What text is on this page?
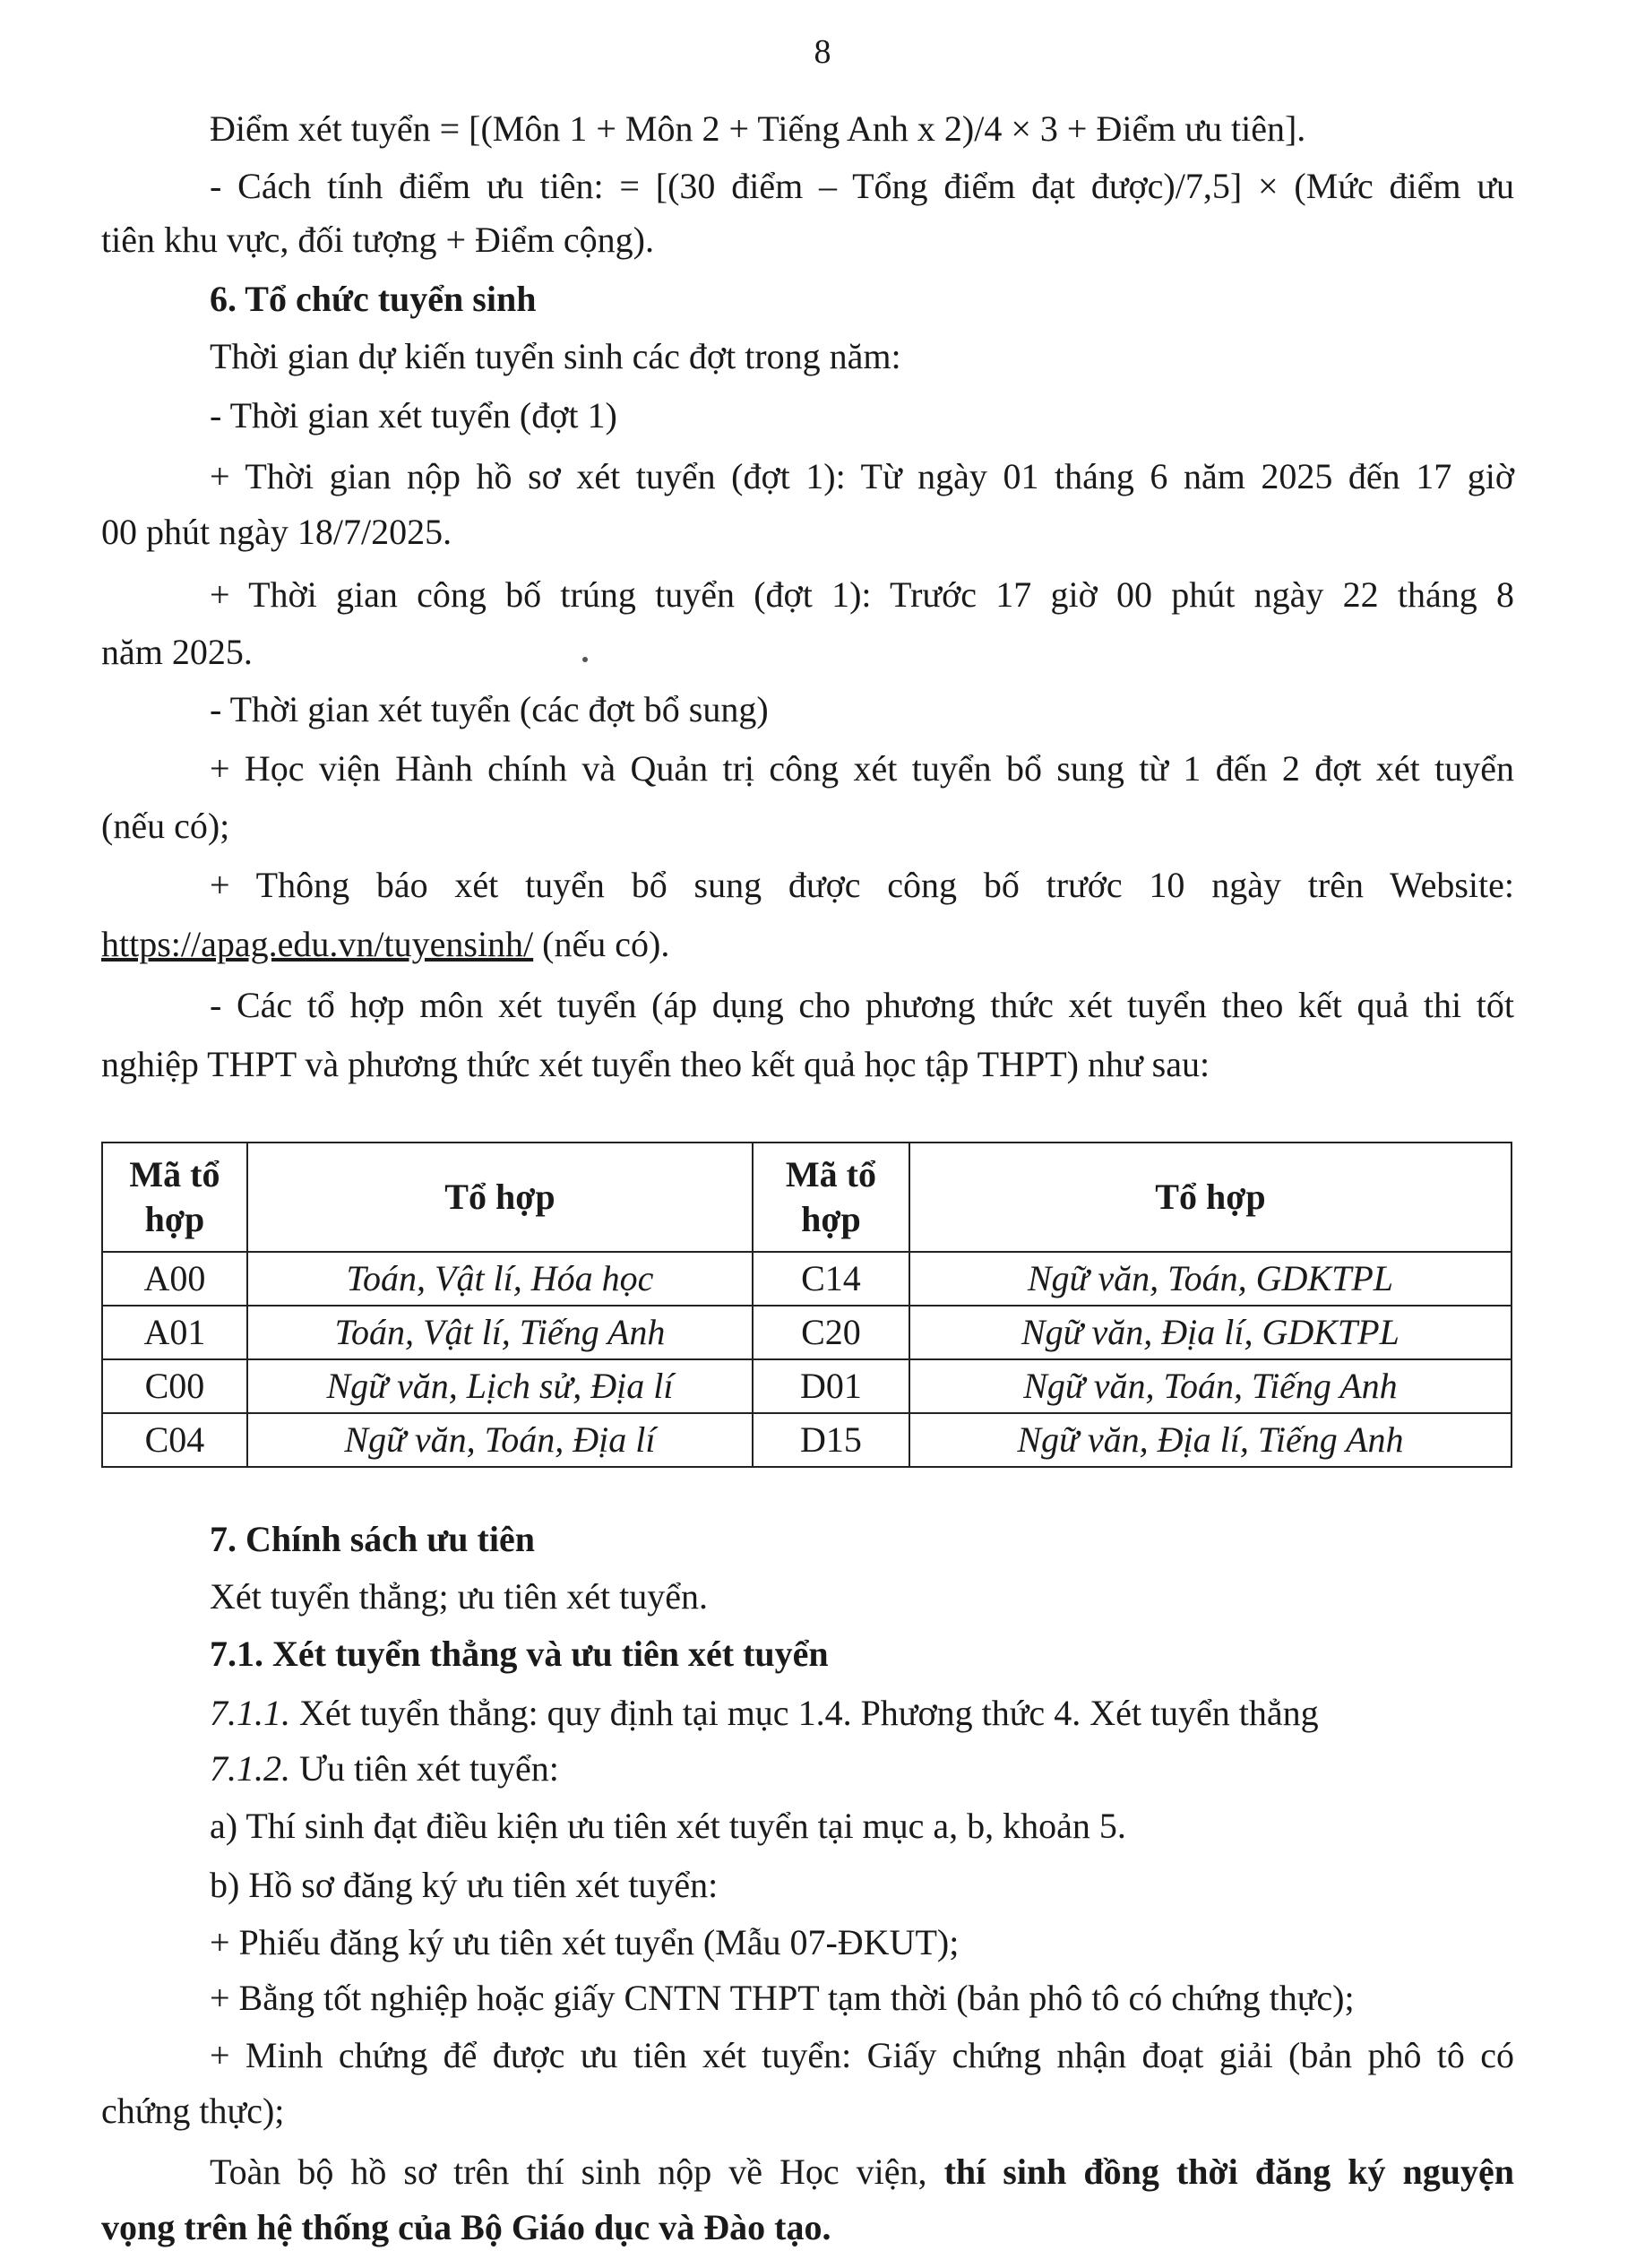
8
Điểm xét tuyển = [(Môn 1 + Môn 2 + Tiếng Anh x 2)/4 × 3 + Điểm ưu tiên].
- Cách tính điểm ưu tiên: = [(30 điểm – Tổng điểm đạt được)/7,5] × (Mức điểm ưu
tiên khu vực, đối tượng + Điểm cộng).
6. Tổ chức tuyển sinh
Thời gian dự kiến tuyển sinh các đợt trong năm:
- Thời gian xét tuyển (đợt 1)
+ Thời gian nộp hồ sơ xét tuyển (đợt 1): Từ ngày 01 tháng 6 năm 2025 đến 17 giờ
00 phút ngày 18/7/2025.
+ Thời gian công bố trúng tuyển (đợt 1): Trước 17 giờ 00 phút ngày 22 tháng 8
năm 2025.
- Thời gian xét tuyển (các đợt bổ sung)
+ Học viện Hành chính và Quản trị công xét tuyển bổ sung từ 1 đến 2 đợt xét tuyển
(nếu có);
+ Thông báo xét tuyển bổ sung được công bố trước 10 ngày trên Website:
https://apag.edu.vn/tuyensinh/ (nếu có).
- Các tổ hợp môn xét tuyển (áp dụng cho phương thức xét tuyển theo kết quả thi tốt
nghiệp THPT và phương thức xét tuyển theo kết quả học tập THPT) như sau:
Mã tổ hợp	Tổ hợp	Mã tổ hợp	Tổ hợp
A00	Toán, Vật lí, Hóa học	C14	Ngữ văn, Toán, GDKTPL
A01	Toán, Vật lí, Tiếng Anh	C20	Ngữ văn, Địa lí, GDKTPL
C00	Ngữ văn, Lịch sử, Địa lí	D01	Ngữ văn, Toán, Tiếng Anh
C04	Ngữ văn, Toán, Địa lí	D15	Ngữ văn, Địa lí, Tiếng Anh
7. Chính sách ưu tiên
Xét tuyển thẳng; ưu tiên xét tuyển.
7.1. Xét tuyển thẳng và ưu tiên xét tuyển
7.1.1. Xét tuyển thẳng: quy định tại mục 1.4. Phương thức 4. Xét tuyển thẳng
7.1.2. Ưu tiên xét tuyển:
a) Thí sinh đạt điều kiện ưu tiên xét tuyển tại mục a, b, khoản 5.
b) Hồ sơ đăng ký ưu tiên xét tuyển:
+ Phiếu đăng ký ưu tiên xét tuyển (Mẫu 07-ĐKUT);
+ Bằng tốt nghiệp hoặc giấy CNTN THPT tạm thời (bản phô tô có chứng thực);
+ Minh chứng để được ưu tiên xét tuyển: Giấy chứng nhận đoạt giải (bản phô tô có
chứng thực);
Toàn bộ hồ sơ trên thí sinh nộp về Học viện, thí sinh đồng thời đăng ký nguyện
vọng trên hệ thống của Bộ Giáo dục và Đào tạo.
